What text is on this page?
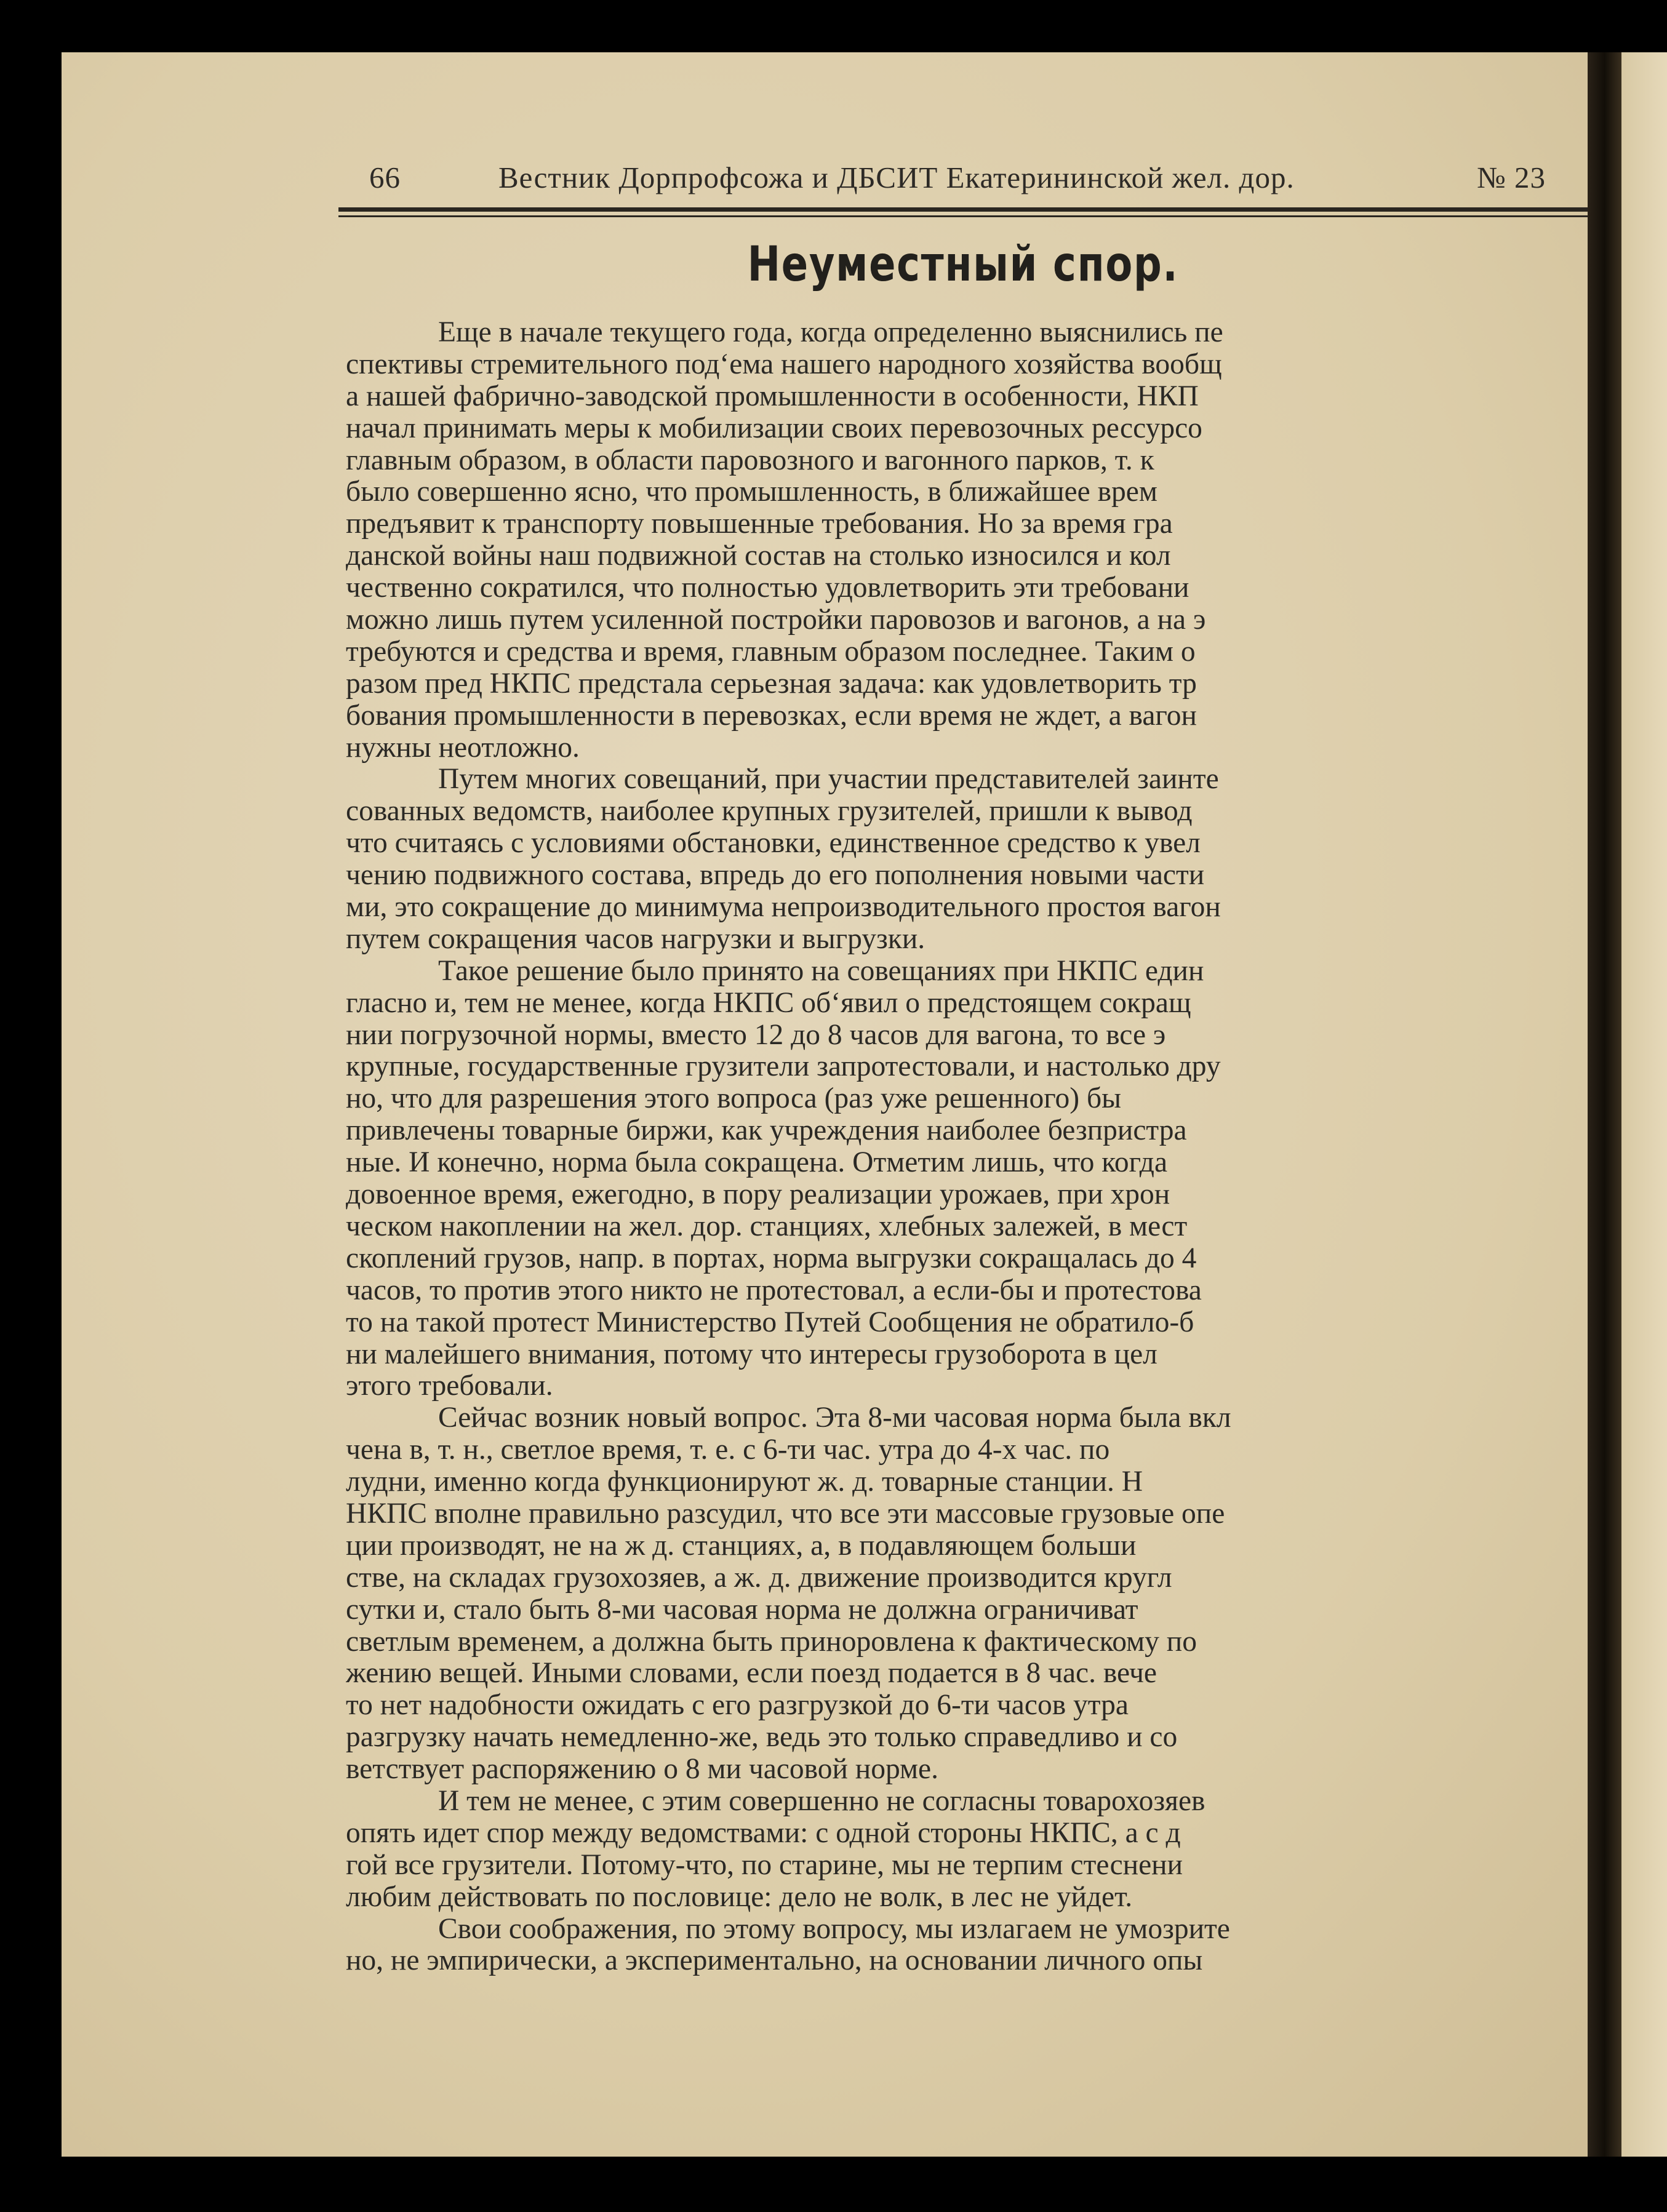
66	Вестник Дорпрофсожа и ДБСИТ Екатерининской жел. дор.	№ 23
Неуместный спор.
Еще в начале текущего года, когда определенно выяснились пе
спективы стремительного под‘ема нашего народного хозяйства вообщ
а нашей фабрично-заводской промышленности в особенности, НКП
начал принимать меры к мобилизации своих перевозочных рессурсо
главным образом, в области паровозного и вагонного парков, т. к
было совершенно ясно, что промышленность, в ближайшее врем
предъявит к транспорту повышенные требования. Но за время гра
данской войны наш подвижной состав на столько износился и кол
чественно сократился, что полностью удовлетворить эти требовани
можно лишь путем усиленной постройки паровозов и вагонов, а на э
требуются и средства и время, главным образом последнее. Таким о
разом пред НКПС предстала серьезная задача: как удовлетворить тр
бования промышленности в перевозках, если время не ждет, а вагон
нужны неотложно.
Путем многих совещаний, при участии представителей заинте
сованных ведомств, наиболее крупных грузителей, пришли к вывод
что считаясь с условиями обстановки, единственное средство к увел
чению подвижного состава, впредь до его пополнения новыми части
ми, это сокращение до минимума непроизводительного простоя вагон
путем сокращения часов нагрузки и выгрузки.
Такое решение было принято на совещаниях при НКПС един
гласно и, тем не менее, когда НКПС об‘явил о предстоящем сокращ
нии погрузочной нормы, вместо 12 до 8 часов для вагона, то все э
крупные, государственные грузители запротестовали, и настолько дру
но, что для разрешения этого вопроса (раз уже решенного) бы
привлечены товарные биржи, как учреждения наиболее безпристра
ные. И конечно, норма была сокращена. Отметим лишь, что когда
довоенное время, ежегодно, в пору реализации урожаев, при хрон
ческом накоплении на жел. дор. станциях, хлебных залежей, в мест
скоплений грузов, напр. в портах, норма выгрузки сокращалась до 4
часов, то против этого никто не протестовал, а если-бы и протестова
то на такой протест Министерство Путей Сообщения не обратило-б
ни малейшего внимания, потому что интересы грузоборота в цел
этого требовали.
Сейчас возник новый вопрос. Эта 8-ми часовая норма была вкл
чена в, т. н., светлое время, т. е. с 6-ти час. утра до 4-х час. по
лудни, именно когда функционируют ж. д. товарные станции. Н
НКПС вполне правильно разсудил, что все эти массовые грузовые опе
ции производят, не на ж д. станциях, а, в подавляющем больши
стве, на складах грузохозяев, а ж. д. движение производится кругл
сутки и, стало быть 8-ми часовая норма не должна ограничиват
светлым временем, а должна быть приноровлена к фактическому по
жению вещей. Иными словами, если поезд подается в 8 час. вече
то нет надобности ожидать с его разгрузкой до 6-ти часов утра
разгрузку начать немедленно-же, ведь это только справедливо и со
ветствует распоряжению о 8 ми часовой норме.
И тем не менее, с этим совершенно не согласны товарохозяев
опять идет спор между ведомствами: с одной стороны НКПС, а с д
гой все грузители. Потому-что, по старине, мы не терпим стеснени
любим действовать по пословице: дело не волк, в лес не уйдет.
Свои соображения, по этому вопросу, мы излагаем не умозрите
но, не эмпирически, а экспериментально, на основании личного опы
